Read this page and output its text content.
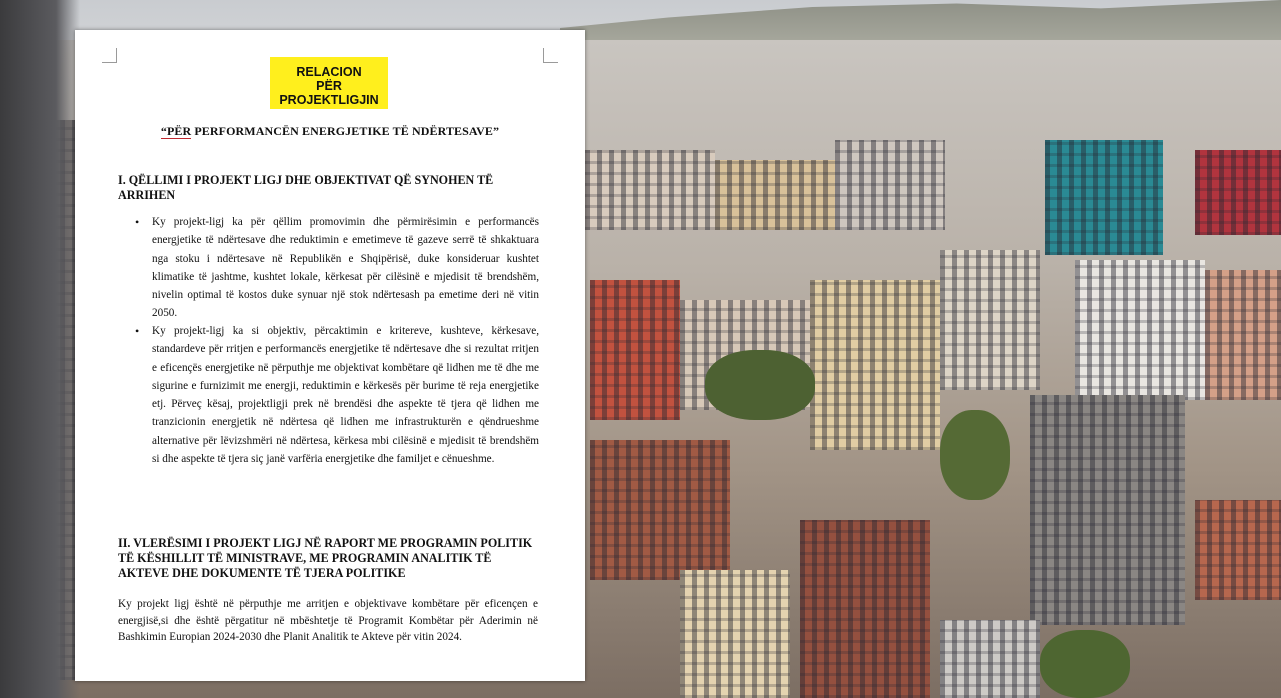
RELACION
PËR
PROJEKTLIGJIN
“PËR PERFORMANCËN ENERGJETIKE TË NDËRTESAVE”
I. QËLLIMI I PROJEKT LIGJ DHE OBJEKTIVAT QË SYNOHEN TË ARRIHEN
• Ky projekt-ligj ka për qëllim promovimin dhe përmirësimin e performancës energjetike të ndërtesave dhe reduktimin e emetimeve të gazeve serrë të shkaktuara nga stoku i ndërtesave në Republikën e Shqipërisë, duke konsideruar kushtet klimatike të jashtme, kushtet lokale, kërkesat për cilësinë e mjedisit të brendshëm, nivelin optimal të kostos duke synuar një stok ndërtesash pa emetime deri në vitin 2050.
• Ky projekt-ligj ka si objektiv, përcaktimin e kritereve, kushteve, kërkesave, standardeve për rritjen e performancës energjetike të ndërtesave dhe si rezultat rritjen e eficençës energjetike në përputhje me objektivat kombëtare që lidhen me të dhe me sigurine e furnizimit me energji, reduktimin e kërkesës për burime të reja energjetike etj. Përveç kësaj, projektligji prek në brendësi dhe aspekte të tjera që lidhen me tranzicionin energjetik në ndërtesa që lidhen me infrastrukturën e qëndrueshme alternative për lëvizshmëri në ndërtesa, kërkesa mbi cilësinë e mjedisit të brendshëm si dhe aspekte të tjera siç janë varfëria energjetike dhe familjet e cënueshme.
II. VLERËSIMI I PROJEKT LIGJ NË RAPORT ME PROGRAMIN POLITIK TË KËSHILLIT TË MINISTRAVE, ME PROGRAMIN ANALITIK TË AKTEVE DHE DOKUMENTE TË TJERA POLITIKE
Ky projekt ligj është në përputhje me arritjen e objektivave kombëtare për eficençen e energjisë,si dhe është përgatitur në mbështetje të Programit Kombëtar për Aderimin në Bashkimin Europian 2024-2030 dhe Planit Analitik te Akteve për vitin 2024.
